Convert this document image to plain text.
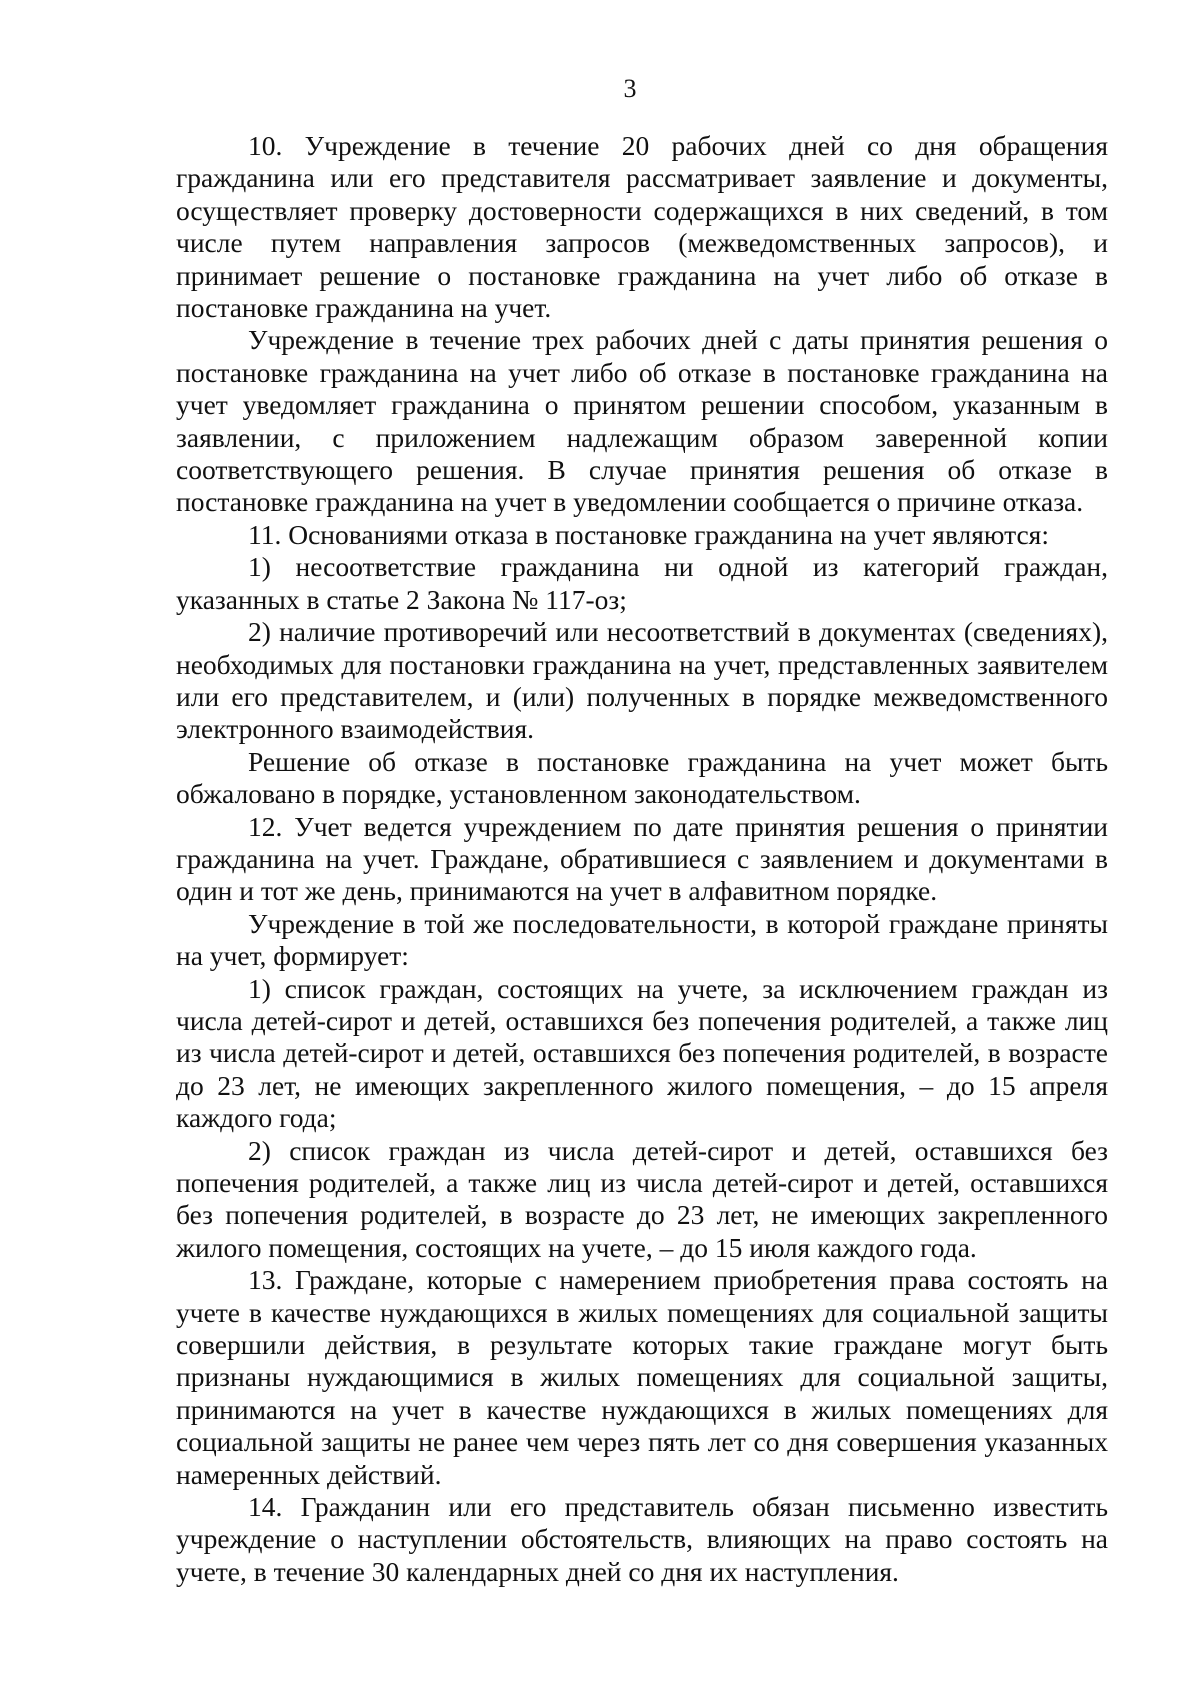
3

10. Учреждение в течение 20 рабочих дней со дня обращения гражданина или его представителя рассматривает заявление и документы, осуществляет проверку достоверности содержащихся в них сведений, в том числе путем направления запросов (межведомственных запросов), и принимает решение о постановке гражданина на учет либо об отказе в постановке гражданина на учет.

Учреждение в течение трех рабочих дней с даты принятия решения о постановке гражданина на учет либо об отказе в постановке гражданина на учет уведомляет гражданина о принятом решении способом, указанным в заявлении, с приложением надлежащим образом заверенной копии соответствующего решения. В случае принятия решения об отказе в постановке гражданина на учет в уведомлении сообщается о причине отказа.

11. Основаниями отказа в постановке гражданина на учет являются:

1) несоответствие гражданина ни одной из категорий граждан, указанных в статье 2 Закона № 117-оз;

2) наличие противоречий или несоответствий в документах (сведениях), необходимых для постановки гражданина на учет, представленных заявителем или его представителем, и (или) полученных в порядке межведомственного электронного взаимодействия.

Решение об отказе в постановке гражданина на учет может быть обжаловано в порядке, установленном законодательством.

12. Учет ведется учреждением по дате принятия решения о принятии гражданина на учет. Граждане, обратившиеся с заявлением и документами в один и тот же день, принимаются на учет в алфавитном порядке.

Учреждение в той же последовательности, в которой граждане приняты на учет, формирует:

1) список граждан, состоящих на учете, за исключением граждан из числа детей-сирот и детей, оставшихся без попечения родителей, а также лиц из числа детей-сирот и детей, оставшихся без попечения родителей, в возрасте до 23 лет, не имеющих закрепленного жилого помещения, – до 15 апреля каждого года;

2) список граждан из числа детей-сирот и детей, оставшихся без попечения родителей, а также лиц из числа детей-сирот и детей, оставшихся без попечения родителей, в возрасте до 23 лет, не имеющих закрепленного жилого помещения, состоящих на учете, – до 15 июля каждого года.

13. Граждане, которые с намерением приобретения права состоять на учете в качестве нуждающихся в жилых помещениях для социальной защиты совершили действия, в результате которых такие граждане могут быть признаны нуждающимися в жилых помещениях для социальной защиты, принимаются на учет в качестве нуждающихся в жилых помещениях для социальной защиты не ранее чем через пять лет со дня совершения указанных намеренных действий.

14. Гражданин или его представитель обязан письменно известить учреждение о наступлении обстоятельств, влияющих на право состоять на учете, в течение 30 календарных дней со дня их наступления.
